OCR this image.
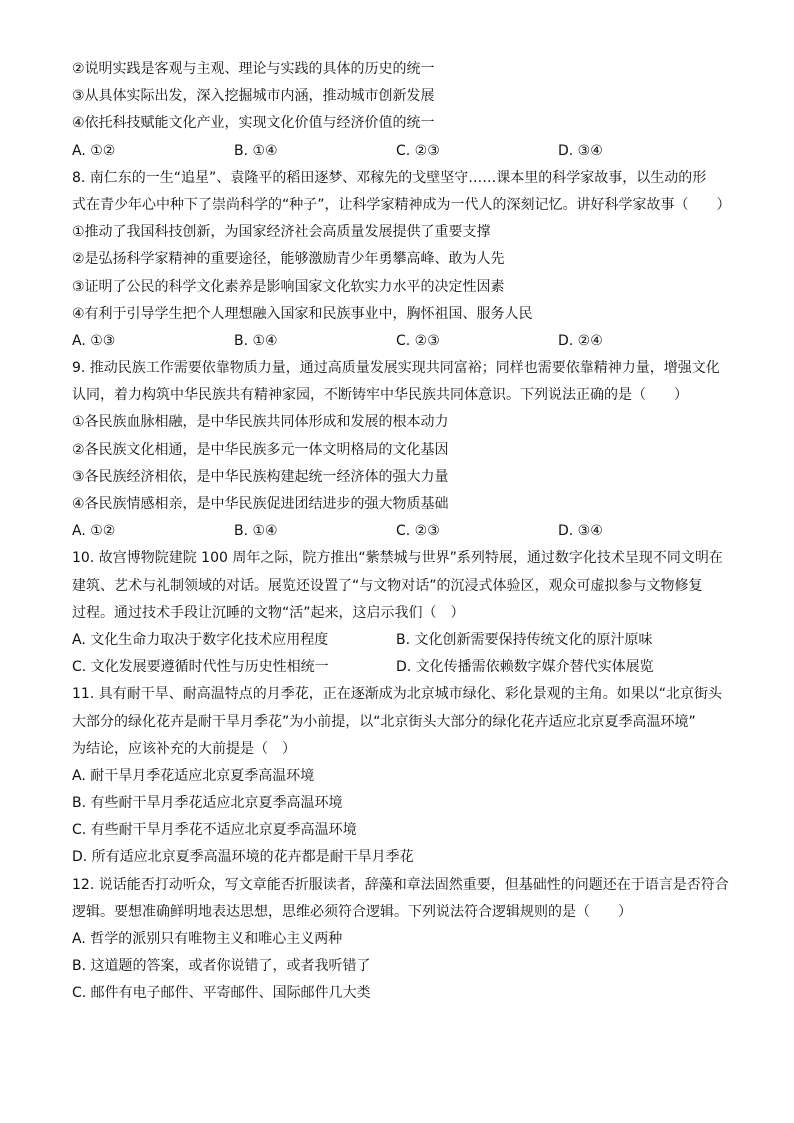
②说明实践是客观与主观、理论与实践的具体的历史的统一
③从具体实际出发，深入挖掘城市内涵，推动城市创新发展
④依托科技赋能文化产业，实现文化价值与经济价值的统一
A. ①②	B. ①④	C. ②③	D. ③④
8. 南仁东的一生“追星”、袁隆平的稻田逐梦、邓稼先的戈壁坚守……课本里的科学家故事，以生动的形
式在青少年心中种下了崇尚科学的“种子”，让科学家精神成为一代人的深刻记忆。讲好科学家故事（　　）
①推动了我国科技创新，为国家经济社会高质量发展提供了重要支撑
②是弘扬科学家精神的重要途径，能够激励青少年勇攀高峰、敢为人先
③证明了公民的科学文化素养是影响国家文化软实力水平的决定性因素
④有利于引导学生把个人理想融入国家和民族事业中，胸怀祖国、服务人民
A. ①③	B. ①④	C. ②③	D. ②④
9. 推动民族工作需要依靠物质力量，通过高质量发展实现共同富裕；同样也需要依靠精神力量，增强文化
认同，着力构筑中华民族共有精神家园，不断铸牢中华民族共同体意识。下列说法正确的是（　　）
①各民族血脉相融，是中华民族共同体形成和发展的根本动力
②各民族文化相通，是中华民族多元一体文明格局的文化基因
③各民族经济相依，是中华民族构建起统一经济体的强大力量
④各民族情感相亲，是中华民族促进团结进步的强大物质基础
A. ①②	B. ①④	C. ②③	D. ③④
10. 故宫博物院建院 100 周年之际，院方推出“紫禁城与世界”系列特展，通过数字化技术呈现不同文明在
建筑、艺术与礼制领域的对话。展览还设置了“与文物对话”的沉浸式体验区，观众可虚拟参与文物修复
过程。通过技术手段让沉睡的文物“活”起来，这启示我们（　）
A. 文化生命力取决于数字化技术应用程度	B. 文化创新需要保持传统文化的原汁原味
C. 文化发展要遵循时代性与历史性相统一	D. 文化传播需依赖数字媒介替代实体展览
11. 具有耐干旱、耐高温特点的月季花，正在逐渐成为北京城市绿化、彩化景观的主角。如果以“北京街头
大部分的绿化花卉是耐干旱月季花”为小前提，以“北京街头大部分的绿化花卉适应北京夏季高温环境”
为结论，应该补充的大前提是（　）
A. 耐干旱月季花适应北京夏季高温环境
B. 有些耐干旱月季花适应北京夏季高温环境
C. 有些耐干旱月季花不适应北京夏季高温环境
D. 所有适应北京夏季高温环境的花卉都是耐干旱月季花
12. 说话能否打动听众，写文章能否折服读者，辞藻和章法固然重要，但基础性的问题还在于语言是否符合
逻辑。要想准确鲜明地表达思想，思维必须符合逻辑。下列说法符合逻辑规则的是（　　）
A. 哲学的派别只有唯物主义和唯心主义两种
B. 这道题的答案，或者你说错了，或者我听错了
C. 邮件有电子邮件、平寄邮件、国际邮件几大类
